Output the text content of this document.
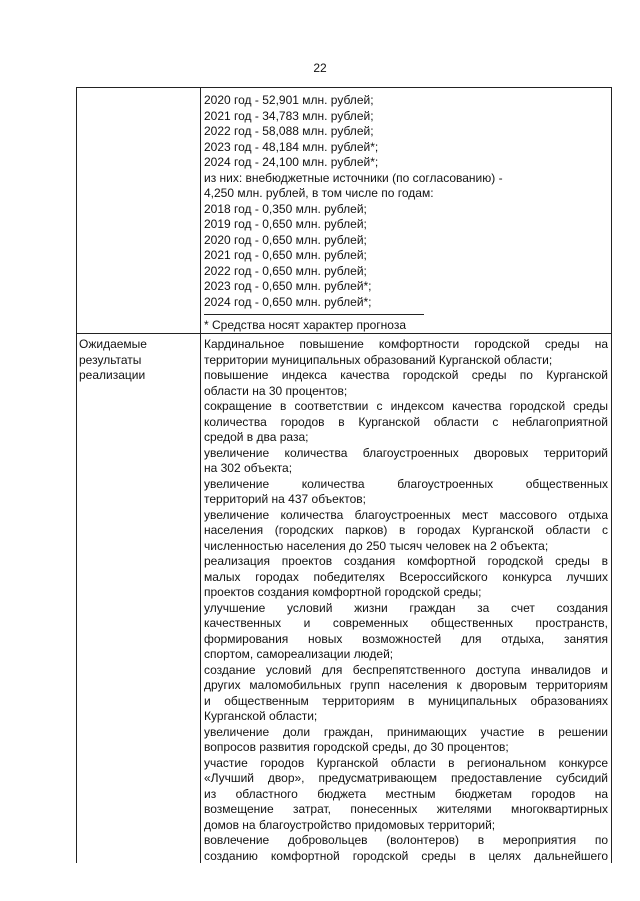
22
2020 год - 52,901 млн. рублей;
2021 год - 34,783 млн. рублей;
2022 год - 58,088 млн. рублей;
2023 год - 48,184 млн. рублей*;
2024 год - 24,100 млн. рублей*;
из них: внебюджетные источники (по согласованию) -
4,250 млн. рублей, в том числе по годам:
2018 год - 0,350 млн. рублей;
2019 год - 0,650 млн. рублей;
2020 год - 0,650 млн. рублей;
2021 год - 0,650 млн. рублей;
2022 год - 0,650 млн. рублей;
2023 год - 0,650 млн. рублей*;
2024 год - 0,650 млн. рублей*;
* Средства носят характер прогноза
Ожидаемые
результаты
реализации
Кардинальное повышение комфортности городской среды на
территории муниципальных образований Курганской области;
повышение индекса качества городской среды по Курганской
области на 30 процентов;
сокращение в соответствии с индексом качества городской среды
количества городов в Курганской области с неблагоприятной
средой в два раза;
увеличение количества благоустроенных дворовых территорий
на 302 объекта;
увеличение количества благоустроенных общественных
территорий на 437 объектов;
увеличение количества благоустроенных мест массового отдыха
населения (городских парков) в городах Курганской области с
численностью населения до 250 тысяч человек на 2 объекта;
реализация проектов создания комфортной городской среды в
малых городах победителях Всероссийского конкурса лучших
проектов создания комфортной городской среды;
улучшение условий жизни граждан за счет создания
качественных и современных общественных пространств,
формирования новых возможностей для отдыха, занятия
спортом, самореализации людей;
создание условий для беспрепятственного доступа инвалидов и
других маломобильных групп населения к дворовым территориям
и общественным территориям в муниципальных образованиях
Курганской области;
увеличение доли граждан, принимающих участие в решении
вопросов развития городской среды, до 30 процентов;
участие городов Курганской области в региональном конкурсе
«Лучший двор», предусматривающем предоставление субсидий
из областного бюджета местным бюджетам городов на
возмещение затрат, понесенных жителями многоквартирных
домов на благоустройство придомовых территорий;
вовлечение добровольцев (волонтеров) в мероприятия по
созданию комфортной городской среды в целях дальнейшего
